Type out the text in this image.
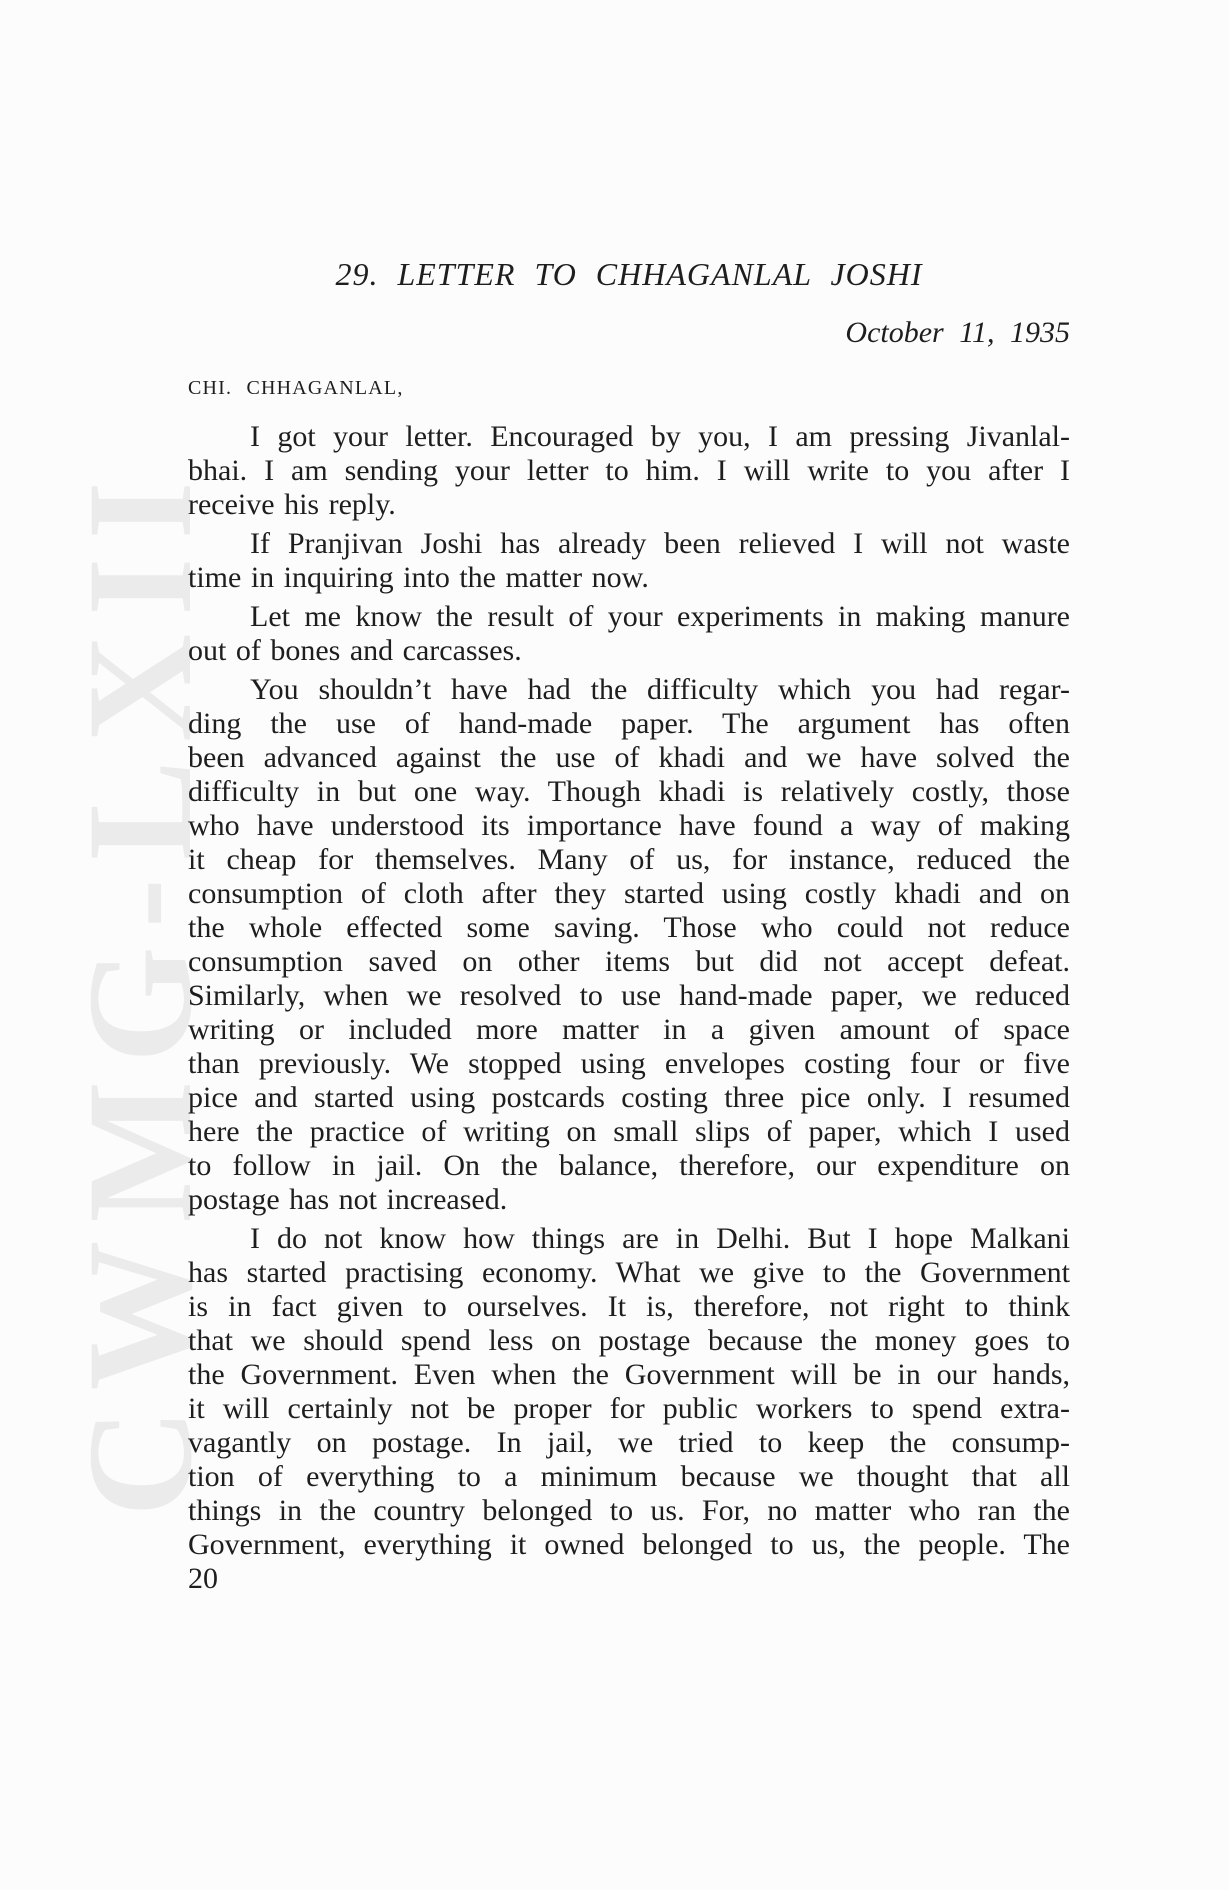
CWMG-LXII
29. LETTER TO CHHAGANLAL JOSHI
October 11, 1935
CHI. CHHAGANLAL,
I got your letter. Encouraged by you, I am pressing Jivanlal-
bhai. I am sending your letter to him. I will write to you after I
receive his reply.
If Pranjivan Joshi has already been relieved I will not waste
time in inquiring into the matter now.
Let me know the result of your experiments in making manure
out of bones and carcasses.
You shouldn’t have had the difficulty which you had regar-
ding the use of hand-made paper. The argument has often
been advanced against the use of khadi and we have solved the
difficulty in but one way. Though khadi is relatively costly, those
who have understood its importance have found a way of making
it cheap for themselves. Many of us, for instance, reduced the
consumption of cloth after they started using costly khadi and on
the whole effected some saving. Those who could not reduce
consumption saved on other items but did not accept defeat.
Similarly, when we resolved to use hand-made paper, we reduced
writing or included more matter in a given amount of space
than previously. We stopped using envelopes costing four or five
pice and started using postcards costing three pice only. I resumed
here the practice of writing on small slips of paper, which I used
to follow in jail. On the balance, therefore, our expenditure on
postage has not increased.
I do not know how things are in Delhi. But I hope Malkani
has started practising economy. What we give to the Government
is in fact given to ourselves. It is, therefore, not right to think
that we should spend less on postage because the money goes to
the Government. Even when the Government will be in our hands,
it will certainly not be proper for public workers to spend extra-
vagantly on postage. In jail, we tried to keep the consump-
tion of everything to a minimum because we thought that all
things in the country belonged to us. For, no matter who ran the
Government, everything it owned belonged to us, the people. The
20
